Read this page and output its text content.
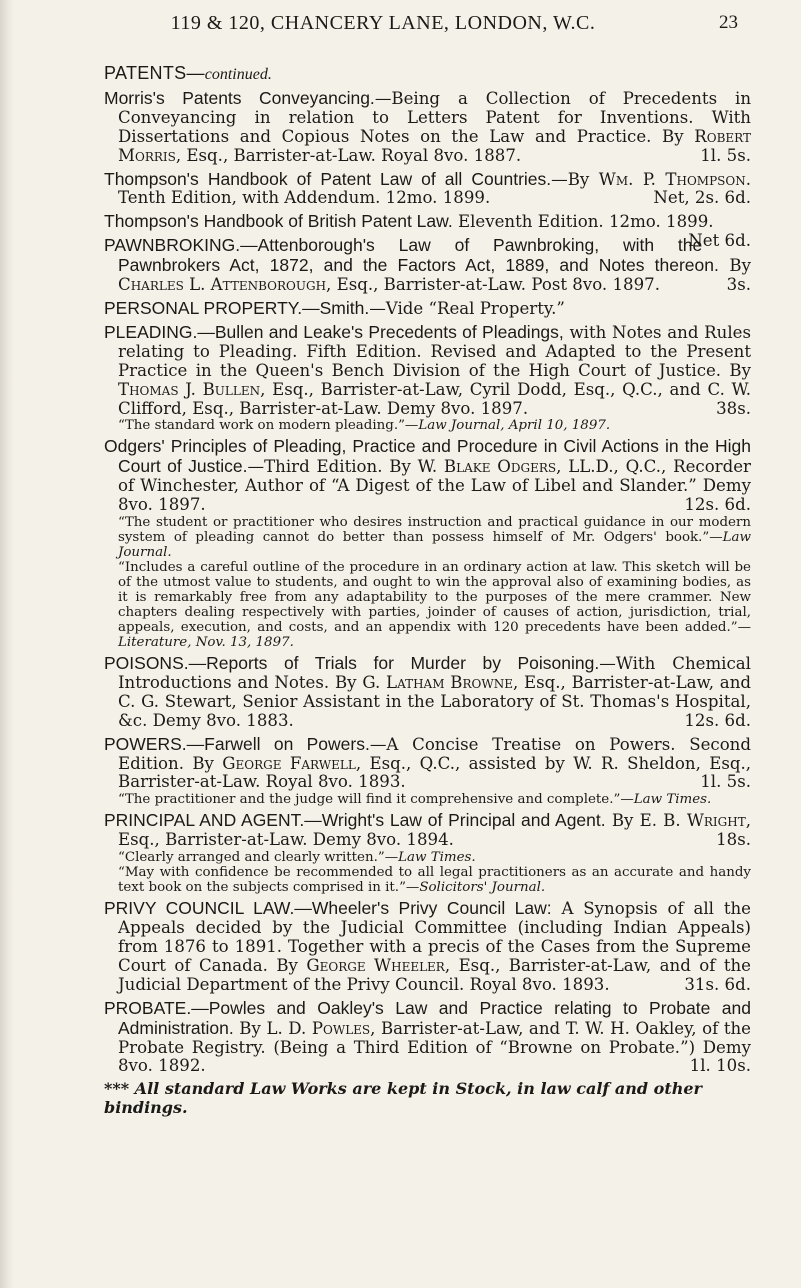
119 & 120, CHANCERY LANE, LONDON, W.C.	23
PATENTS—continued.
Morris's Patents Conveyancing.—Being a Collection of Precedents in Conveyancing in relation to Letters Patent for Inventions. With Dissertations and Copious Notes on the Law and Practice. By Robert Morris, Esq., Barrister-at-Law. Royal 8vo. 1887.	1l. 5s.
Thompson's Handbook of Patent Law of all Countries.—By Wm. P. Thompson. Tenth Edition, with Addendum. 12mo. 1899.	Net, 2s. 6d.
Thompson's Handbook of British Patent Law. Eleventh Edition. 12mo. 1899.
Net 6d.
PAWNBROKING.—Attenborough's Law of Pawnbroking, with the Pawnbrokers Act, 1872, and the Factors Act, 1889, and Notes thereon. By Charles L. Attenborough, Esq., Barrister-at-Law. Post 8vo. 1897.	3s.
PERSONAL PROPERTY.—Smith.—Vide “Real Property.”
PLEADING.—Bullen and Leake's Precedents of Pleadings, with Notes and Rules relating to Pleading. Fifth Edition. Revised and Adapted to the Present Practice in the Queen's Bench Division of the High Court of Justice. By Thomas J. Bullen, Esq., Barrister-at-Law, Cyril Dodd, Esq., Q.C., and C. W. Clifford, Esq., Barrister-at-Law. Demy 8vo. 1897.	38s.
“The standard work on modern pleading.”—Law Journal, April 10, 1897.
Odgers' Principles of Pleading, Practice and Procedure in Civil Actions in the High Court of Justice.—Third Edition. By W. Blake Odgers, LL.D., Q.C., Recorder of Winchester, Author of “A Digest of the Law of Libel and Slander.” Demy 8vo. 1897.	12s. 6d.
“The student or practitioner who desires instruction and practical guidance in our modern system of pleading cannot do better than possess himself of Mr. Odgers' book.”—Law Journal.
“Includes a careful outline of the procedure in an ordinary action at law. This sketch will be of the utmost value to students, and ought to win the approval also of examining bodies, as it is remarkably free from any adaptability to the purposes of the mere crammer. New chapters dealing respectively with parties, joinder of causes of action, jurisdiction, trial, appeals, execution, and costs, and an appendix with 120 precedents have been added.”—Literature, Nov. 13, 1897.
POISONS.—Reports of Trials for Murder by Poisoning.—With Chemical Introductions and Notes. By G. Latham Browne, Esq., Barrister-at-Law, and C. G. Stewart, Senior Assistant in the Laboratory of St. Thomas's Hospital, &c. Demy 8vo. 1883.	12s. 6d.
POWERS.—Farwell on Powers.—A Concise Treatise on Powers. Second Edition. By George Farwell, Esq., Q.C., assisted by W. R. Sheldon, Esq., Barrister-at-Law. Royal 8vo. 1893.	1l. 5s.
“The practitioner and the judge will find it comprehensive and complete.”—Law Times.
PRINCIPAL AND AGENT.—Wright's Law of Principal and Agent. By E. B. Wright, Esq., Barrister-at-Law. Demy 8vo. 1894.	18s.
“Clearly arranged and clearly written.”—Law Times.
“May with confidence be recommended to all legal practitioners as an accurate and handy text book on the subjects comprised in it.”—Solicitors' Journal.
PRIVY COUNCIL LAW.—Wheeler's Privy Council Law: A Synopsis of all the Appeals decided by the Judicial Committee (including Indian Appeals) from 1876 to 1891. Together with a precis of the Cases from the Supreme Court of Canada. By George Wheeler, Esq., Barrister-at-Law, and of the Judicial Department of the Privy Council. Royal 8vo. 1893.	31s. 6d.
PROBATE.—Powles and Oakley's Law and Practice relating to Probate and Administration. By L. D. Powles, Barrister-at-Law, and T. W. H. Oakley, of the Probate Registry. (Being a Third Edition of “Browne on Probate.”) Demy 8vo. 1892.	1l. 10s.
*** All standard Law Works are kept in Stock, in law calf and other bindings.
